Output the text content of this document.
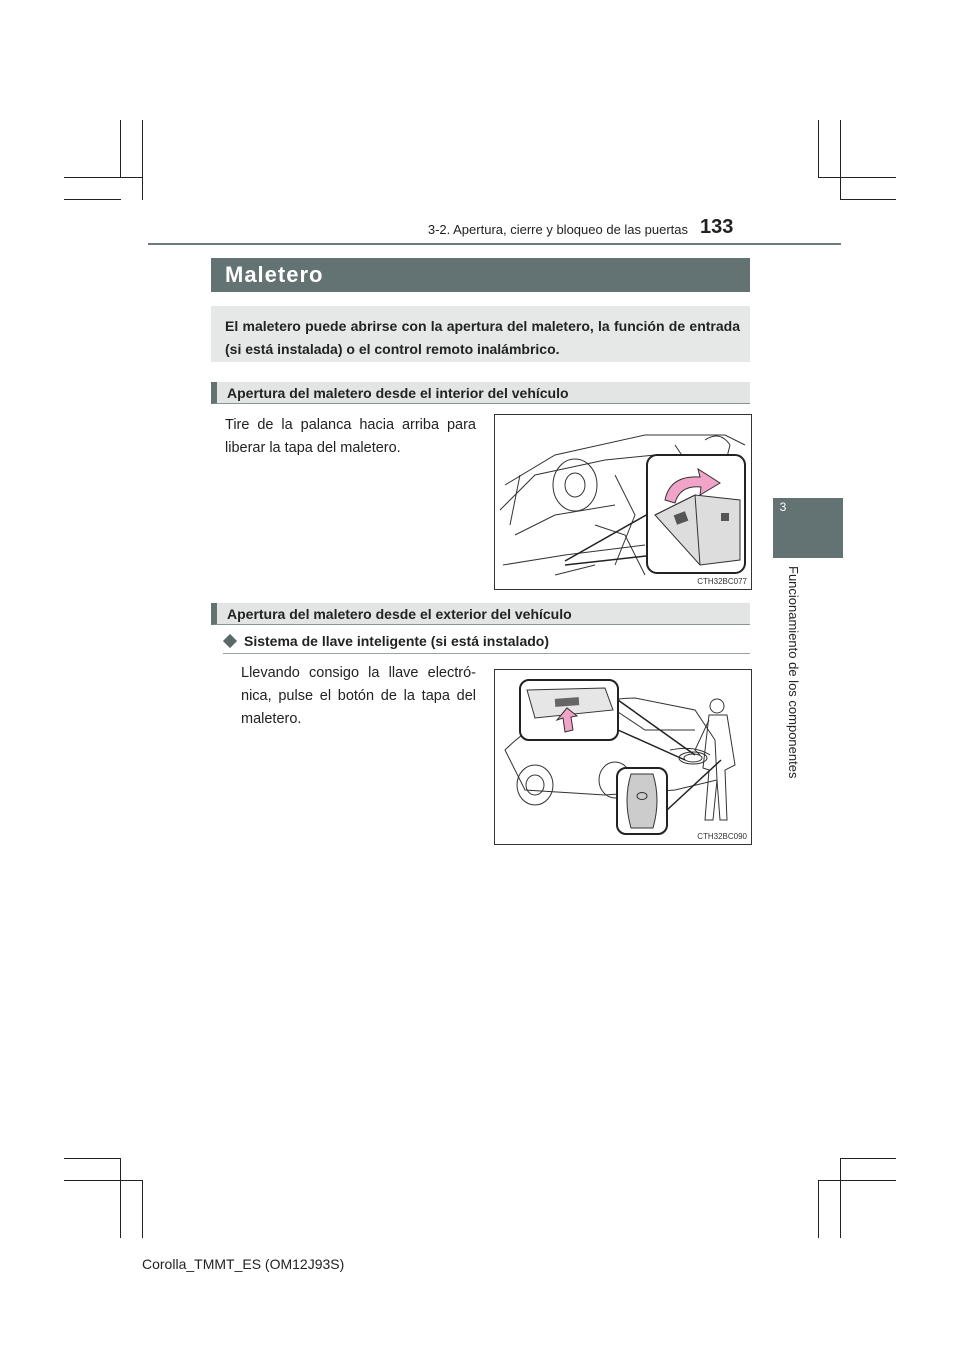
3-2. Apertura, cierre y bloqueo de las puertas 133
3
Funcionamiento de los componentes
Maletero
El maletero puede abrirse con la apertura del maletero, la función de entrada (si está instalada) o el control remoto inalámbrico.
Apertura del maletero desde el interior del vehículo
Tire de la palanca hacia arriba para liberar la tapa del maletero.
CTH32BC077
Apertura del maletero desde el exterior del vehículo
Sistema de llave inteligente (si está instalado)
Llevando consigo la llave electrónica, pulse el botón de la tapa del maletero.
CTH32BC090
Corolla_TMMT_ES (OM12J93S)
